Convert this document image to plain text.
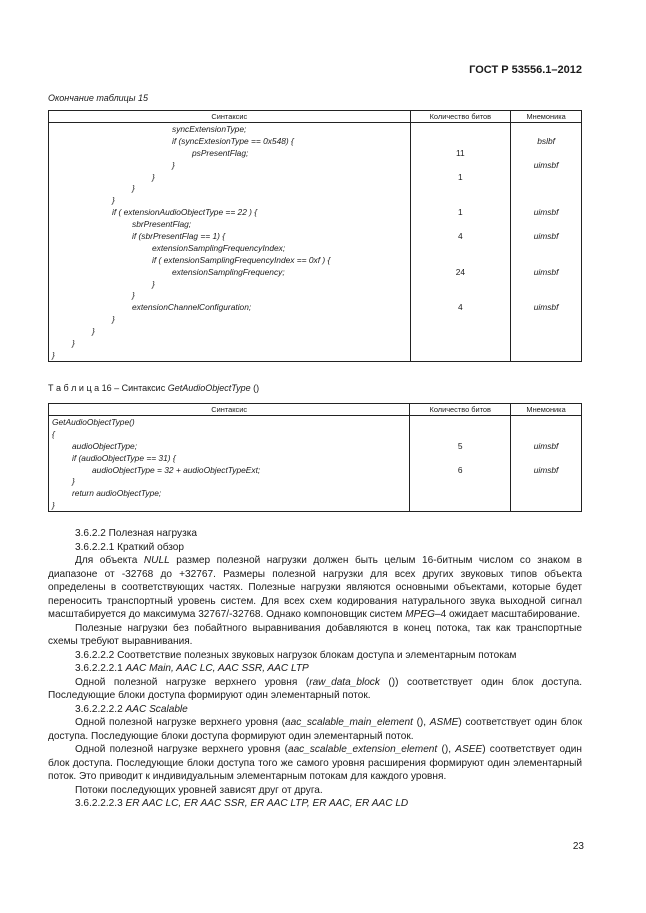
ГОСТ Р 53556.1–2012
Окончание таблицы 15
Синтаксис	Количество битов	Мнемоника
syncExtensionType;		
if (syncExtesionType == 0x548) {		bslbf
psPresentFlag;	11	
}		uimsbf
}	1	
}		
}		
if ( extensionAudioObjectType == 22 ) {	1	uimsbf
sbrPresentFlag;		
if (sbrPresentFlag == 1) {	4	uimsbf
extensionSamplingFrequencyIndex;		
if ( extensionSamplingFrequencyIndex == 0xf ) {		
extensionSamplingFrequency;	24	uimsbf
}		
}		
extensionChannelConfiguration;	4	uimsbf
}		
}		
}		
}		
Т а б л и ц а 16 – Синтаксис GetAudioObjectType ()
Синтаксис	Количество битов	Мнемоника
GetAudioObjectType()		
{		
audioObjectType;	5	uimsbf
if (audioObjectType == 31) {		
audioObjectType = 32 + audioObjectTypeExt;	6	uimsbf
}		
return audioObjectType;		
}		

3.6.2.2 Полезная нагрузка

3.6.2.2.1 Краткий обзор

Для объекта NULL размер полезной нагрузки должен быть целым 16-битным числом со знаком в диапазоне от -32768 до +32767. Размеры полезной нагрузки для всех других звуковых типов объекта определены в соответствующих частях. Полезные нагрузки являются основными объектами, которые будет переносить транспортный уровень систем. Для всех схем кодирования натурального звука выходной сигнал масштабируется до максимума 32767/-32768. Однако компоновщик систем MPEG–4 ожидает масштабирование.

Полезные нагрузки без побайтного выравнивания добавляются в конец потока, так как транспортные схемы требуют выравнивания.

3.6.2.2.2 Соответствие полезных звуковых нагрузок блокам доступа и элементарным потокам

3.6.2.2.2.1 AAC Main, AAC LC, AAC SSR, AAC LTP

Одной полезной нагрузке верхнего уровня (raw_data_block ()) соответствует один блок доступа. Последующие блоки доступа формируют один элементарный поток.

3.6.2.2.2.2 AAC Scalable

Одной полезной нагрузке верхнего уровня (aac_scalable_main_element (), ASME) соответствует один блок доступа. Последующие блоки доступа формируют один элементарный поток.

Одной полезной нагрузке верхнего уровня (aac_scalable_extension_element (), ASEE) соответствует один блок доступа. Последующие блоки доступа того же самого уровня расширения формируют один элементарный поток. Это приводит к индивидуальным элементарным потокам для каждого уровня.

Потоки последующих уровней зависят друг от друга.

3.6.2.2.2.3 ER AAC LC, ER AAC SSR, ER AAC LTP, ER AAC, ER AAC LD

23
